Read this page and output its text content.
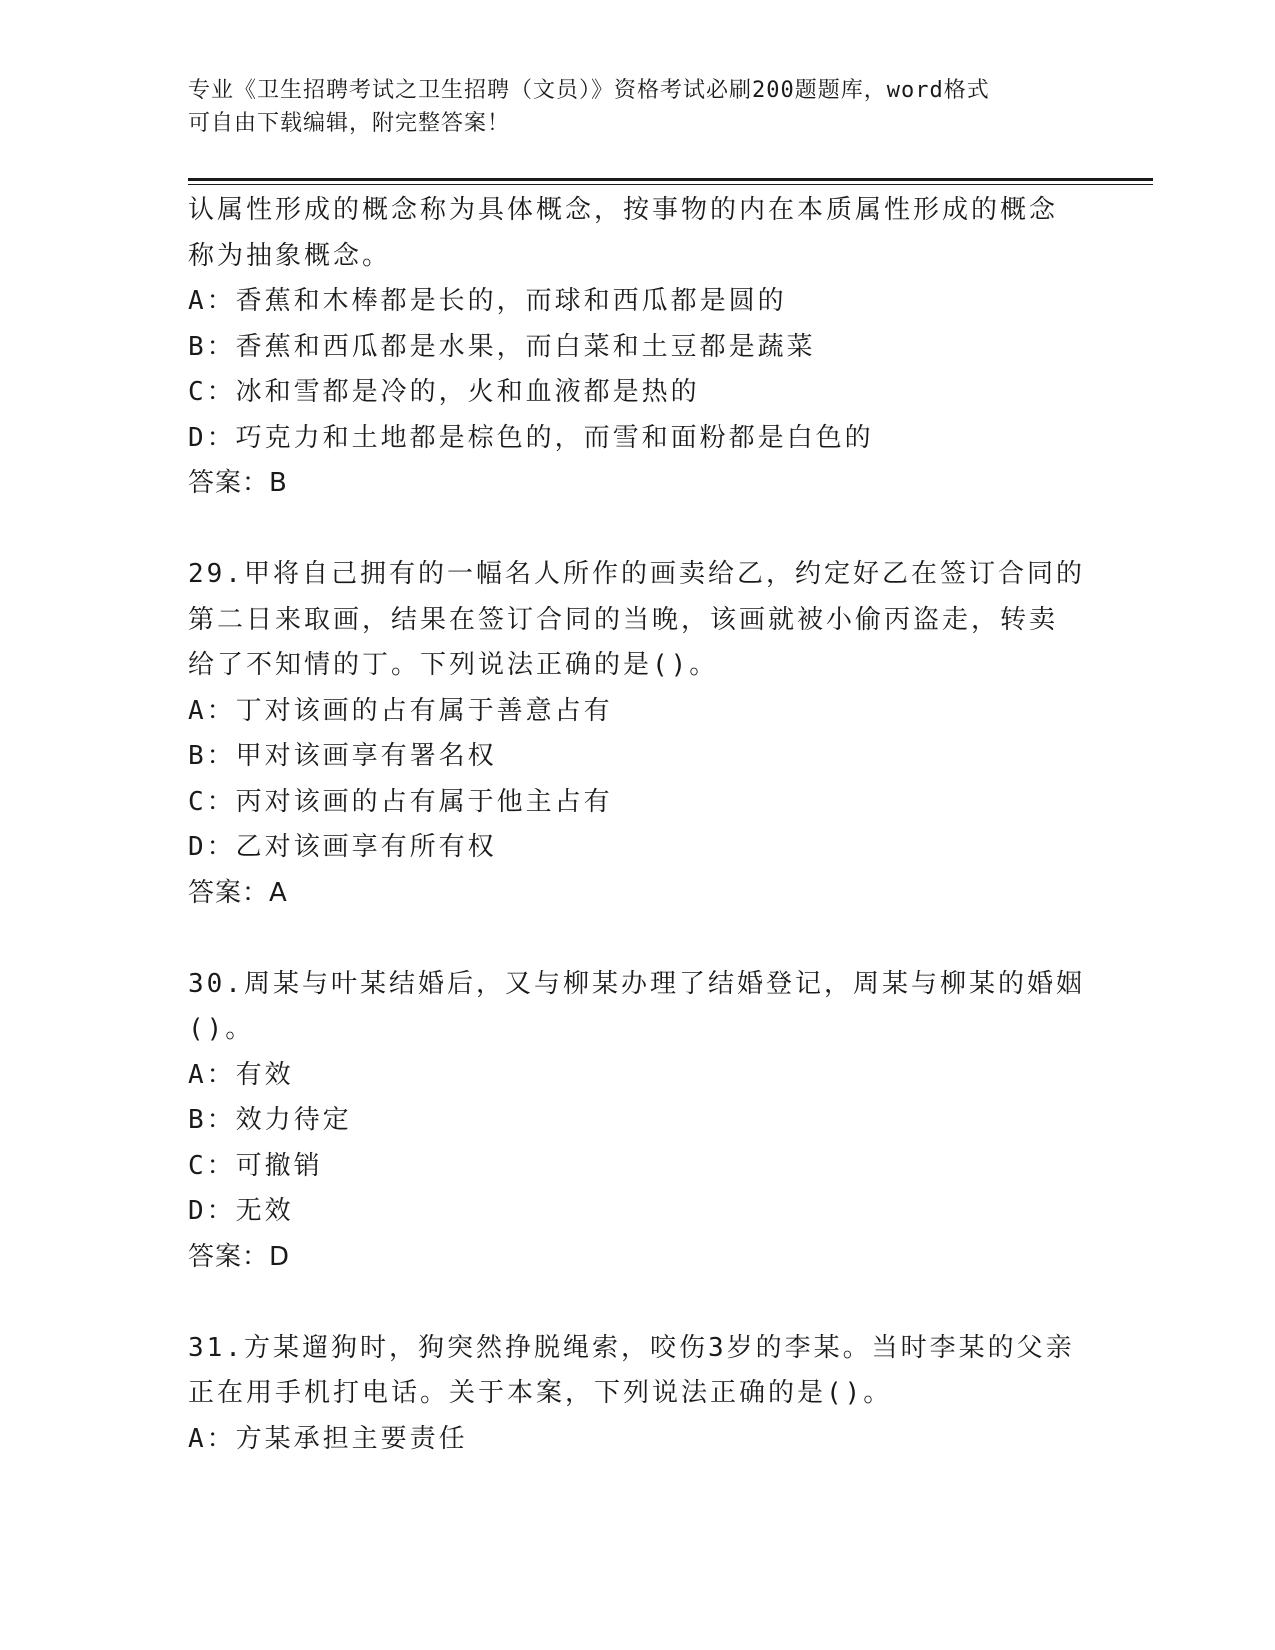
专业《卫生招聘考试之卫生招聘（文员）》资格考试必刷200题题库，word格式
可自由下载编辑，附完整答案！
认属性形成的概念称为具体概念，按事物的内在本质属性形成的概念
称为抽象概念。
A：香蕉和木棒都是长的，而球和西瓜都是圆的
B：香蕉和西瓜都是水果，而白菜和土豆都是蔬菜
C：冰和雪都是冷的，火和血液都是热的
D：巧克力和土地都是棕色的，而雪和面粉都是白色的
答案：B
29.甲将自己拥有的一幅名人所作的画卖给乙，约定好乙在签订合同的
第二日来取画，结果在签订合同的当晚，该画就被小偷丙盗走，转卖
给了不知情的丁。下列说法正确的是()。
A：丁对该画的占有属于善意占有
B：甲对该画享有署名权
C：丙对该画的占有属于他主占有
D：乙对该画享有所有权
答案：A
30.周某与叶某结婚后，又与柳某办理了结婚登记，周某与柳某的婚姻
()。
A：有效
B：效力待定
C：可撤销
D：无效
答案：D
31.方某遛狗时，狗突然挣脱绳索，咬伤3岁的李某。当时李某的父亲
正在用手机打电话。关于本案，下列说法正确的是()。
A：方某承担主要责任
